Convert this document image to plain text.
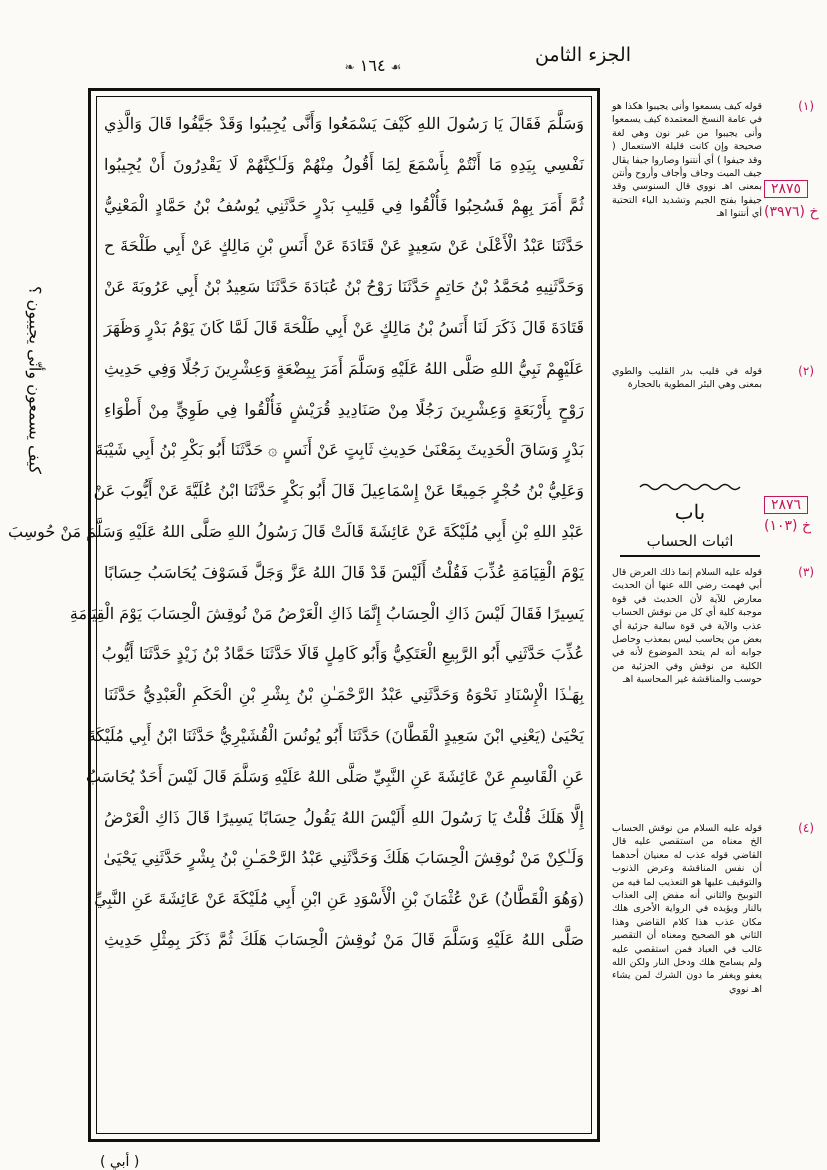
الجزء الثامن
❧ ١٦٤ ☙
كيف يسمعون وأنّى يجيبون ؟
وَسَلَّمَ فَقَالَ يَا رَسُولَ اللهِ كَيْفَ يَسْمَعُوا وَأَنَّى يُجِيبُوا وَقَدْ جَيَّفُوا قَالَ وَالَّذِي
نَفْسِي بِيَدِهِ مَا أَنْتُمْ بِأَسْمَعَ لِمَا أَقُولُ مِنْهُمْ وَلَـٰكِنَّهُمْ لَا يَقْدِرُونَ أَنْ يُجِيبُوا
ثُمَّ أَمَرَ بِهِمْ فَسُحِبُوا فَأُلْقُوا فِي قَلِيبِ بَدْرٍ حَدَّثَنِي يُوسُفُ بْنُ حَمَّادٍ الْمَعْنِيُّ
حَدَّثَنَا عَبْدُ الْأَعْلَىٰ عَنْ سَعِيدٍ عَنْ قَتَادَةَ عَنْ أَنَسِ بْنِ مَالِكٍ عَنْ أَبِي طَلْحَةَ ح
وَحَدَّثَنِيهِ مُحَمَّدُ بْنُ حَاتِمٍ حَدَّثَنَا رَوْحُ بْنُ عُبَادَةَ حَدَّثَنَا سَعِيدُ بْنُ أَبِي عَرُوبَةَ عَنْ
قَتَادَةَ قَالَ ذَكَرَ لَنَا أَنَسُ بْنُ مَالِكٍ عَنْ أَبِي طَلْحَةَ قَالَ لَمَّا كَانَ يَوْمُ بَدْرٍ وَظَهَرَ
عَلَيْهِمْ نَبِيُّ اللهِ صَلَّى اللهُ عَلَيْهِ وَسَلَّمَ أَمَرَ بِبِضْعَةٍ وَعِشْرِينَ رَجُلًا وَفِي حَدِيثِ
رَوْحٍ بِأَرْبَعَةٍ وَعِشْرِينَ رَجُلًا مِنْ صَنَادِيدِ قُرَيْشٍ فَأُلْقُوا فِي طَوِيٍّ مِنْ أَطْوَاءِ
بَدْرٍ وَسَاقَ الْحَدِيثَ بِمَعْنَىٰ حَدِيثِ ثَابِتٍ عَنْ أَنَسٍ ۞ حَدَّثَنَا أَبُو بَكْرِ بْنُ أَبِي شَيْبَةَ
وَعَلِيُّ بْنُ حُجْرٍ جَمِيعًا عَنْ إِسْمَاعِيلَ قَالَ أَبُو بَكْرٍ حَدَّثَنَا ابْنُ عُلَيَّةَ عَنْ أَيُّوبَ عَنْ
عَبْدِ اللهِ بْنِ أَبِي مُلَيْكَةَ عَنْ عَائِشَةَ قَالَتْ قَالَ رَسُولُ اللهِ صَلَّى اللهُ عَلَيْهِ وَسَلَّمَ مَنْ حُوسِبَ
يَوْمَ الْقِيَامَةِ عُذِّبَ فَقُلْتُ أَلَيْسَ قَدْ قَالَ اللهُ عَزَّ وَجَلَّ فَسَوْفَ يُحَاسَبُ حِسَابًا
يَسِيرًا فَقَالَ لَيْسَ ذَاكِ الْحِسَابُ إِنَّمَا ذَاكِ الْعَرْضُ مَنْ نُوقِشَ الْحِسَابَ يَوْمَ الْقِيَامَةِ
عُذِّبَ حَدَّثَنِي أَبُو الرَّبِيعِ الْعَتَكِيُّ وَأَبُو كَامِلٍ قَالَا حَدَّثَنَا حَمَّادُ بْنُ زَيْدٍ حَدَّثَنَا أَيُّوبُ
بِهَـٰذَا الْإِسْنَادِ نَحْوَهُ وَحَدَّثَنِي عَبْدُ الرَّحْمَـٰنِ بْنُ بِشْرِ بْنِ الْحَكَمِ الْعَبْدِيُّ حَدَّثَنَا
يَحْيَىٰ (يَعْنِي ابْنَ سَعِيدٍ الْقَطَّانَ) حَدَّثَنَا أَبُو يُونُسَ الْقُشَيْرِيُّ حَدَّثَنَا ابْنُ أَبِي مُلَيْكَةَ
عَنِ الْقَاسِمِ عَنْ عَائِشَةَ عَنِ النَّبِيِّ صَلَّى اللهُ عَلَيْهِ وَسَلَّمَ قَالَ لَيْسَ أَحَدٌ يُحَاسَبُ
إِلَّا هَلَكَ قُلْتُ يَا رَسُولَ اللهِ أَلَيْسَ اللهُ يَقُولُ حِسَابًا يَسِيرًا قَالَ ذَاكِ الْعَرْضُ
وَلَـٰكِنْ مَنْ نُوقِشَ الْحِسَابَ هَلَكَ وَحَدَّثَنِي عَبْدُ الرَّحْمَـٰنِ بْنُ بِشْرٍ حَدَّثَنِي يَحْيَىٰ
(وَهُوَ الْقَطَّانُ) عَنْ عُثْمَانَ بْنِ الْأَسْوَدِ عَنِ ابْنِ أَبِي مُلَيْكَةَ عَنْ عَائِشَةَ عَنِ النَّبِيِّ
صَلَّى اللهُ عَلَيْهِ وَسَلَّمَ قَالَ مَنْ نُوقِشَ الْحِسَابَ هَلَكَ ثُمَّ ذَكَرَ بِمِثْلِ حَدِيثِ
(١)
قوله كيف يسمعوا وأنى يجيبوا هكذا هو في عامة النسخ المعتمدة كيف يسمعوا وأنى يجيبوا من غير نون وهي لغة صحيحة وإن كانت قليلة الاستعمال ( وقد جيفوا ) أي أنتنوا وصاروا جيفا يقال جيف الميت وجاف وأجاف وأروح وأنتن بمعنى اهـ نووي قال السنوسي وقد جيفوا بفتح الجيم وتشديد الياء التحتية أي أنتنوا اهـ
(٢)
قوله في قليب بدر القليب والطوي بمعنى وهي البئر المطوية بالحجارة
٢٨٧٥
خ (٣٩٧٦)
باب
اثبات الحساب
٢٨٧٦
خ (١٠٣)
(٣)
قوله عليه السلام إنما ذلك العرض قال أبي فهمت رضي الله عنها أن الحديث معارض للآية لأن الحديث في قوة موجبة كلية أي كل من نوقش الحساب عذب والآية في قوة سالبة جزئية أي بعض من يحاسب ليس بمعذب وحاصل جوابه أنه لم يتحد الموضوع لأنه في الكلية من نوقش وفي الجزئية من حوسب والمناقشة غير المحاسبة اهـ
(٤)
قوله عليه السلام من نوقش الحساب الخ معناه من استقصي عليه قال القاضي قوله عذب له معنيان أحدهما أن نفس المناقشة وعرض الذنوب والتوقيف عليها هو التعذيب لما فيه من التوبيخ والثاني أنه مفض إلى العذاب بالنار ويؤيده في الرواية الأخرى هلك مكان عذب هذا كلام القاضي وهذا الثاني هو الصحيح ومعناه أن التقصير غالب في العباد فمن استقصي عليه ولم يسامح هلك ودخل النار ولكن الله يعفو ويغفر ما دون الشرك لمن يشاء اهـ نووي
( أبي )
